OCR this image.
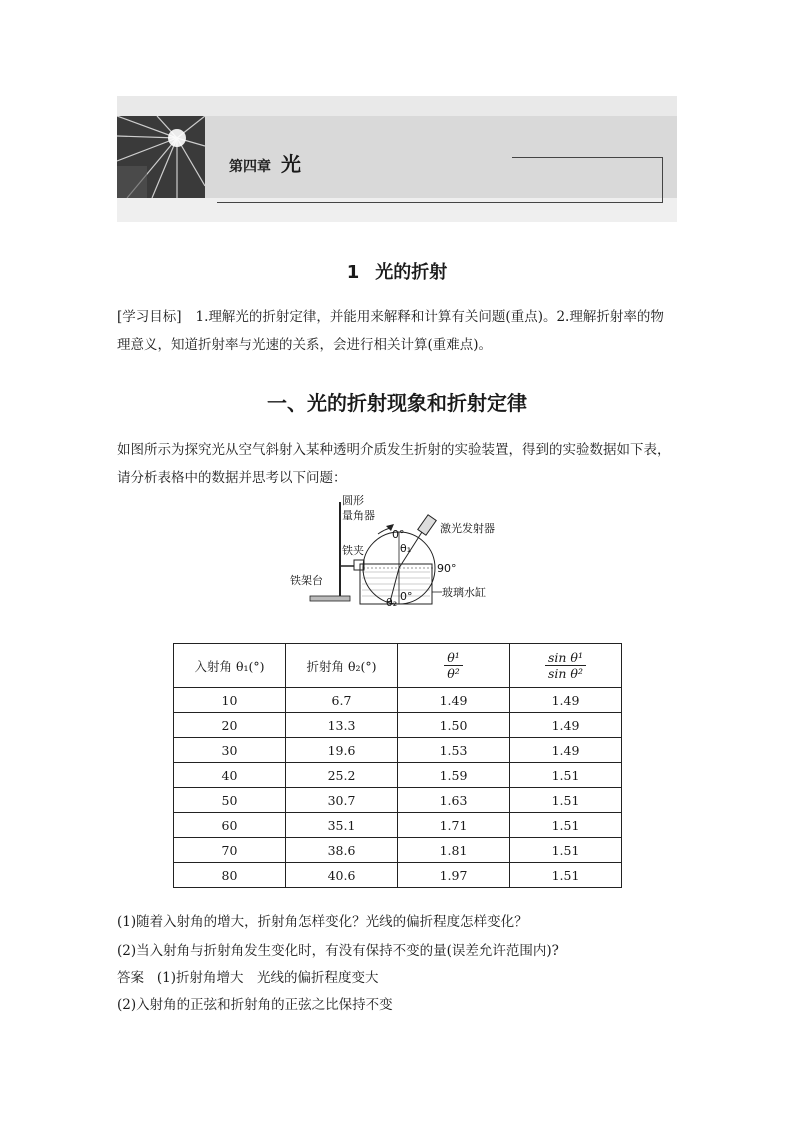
第四章 光
1 光的折射
[学习目标] 1.理解光的折射定律，并能用来解释和计算有关问题(重点)。2.理解折射率的物理意义，知道折射率与光速的关系，会进行相关计算(重难点)。
一、光的折射现象和折射定律
如图所示为探究光从空气斜射入某种透明介质发生折射的实验装置，得到的实验数据如下表，请分析表格中的数据并思考以下问题：
圆形
量角器
激光发射器
铁夹
铁架台
玻璃水缸
0°
90°
0°
θ₁
θ₂
入射角 θ₁(°)	折射角 θ₂(°)	$\frac{\text{θ¹}}{\text{θ²}}$	$\frac{\text{sin θ¹}}{\text{sin θ²}}$

10	6.7	1.49	1.49
20	13.3	1.50	1.49
30	19.6	1.53	1.49
40	25.2	1.59	1.51
50	30.7	1.63	1.51
60	35.1	1.71	1.51
70	38.6	1.81	1.51
80	40.6	1.97	1.51
(1)随着入射角的增大，折射角怎样变化？光线的偏折程度怎样变化？
(2)当入射角与折射角发生变化时，有没有保持不变的量(误差允许范围内)?
答案 (1)折射角增大　光线的偏折程度变大
(2)入射角的正弦和折射角的正弦之比保持不变
